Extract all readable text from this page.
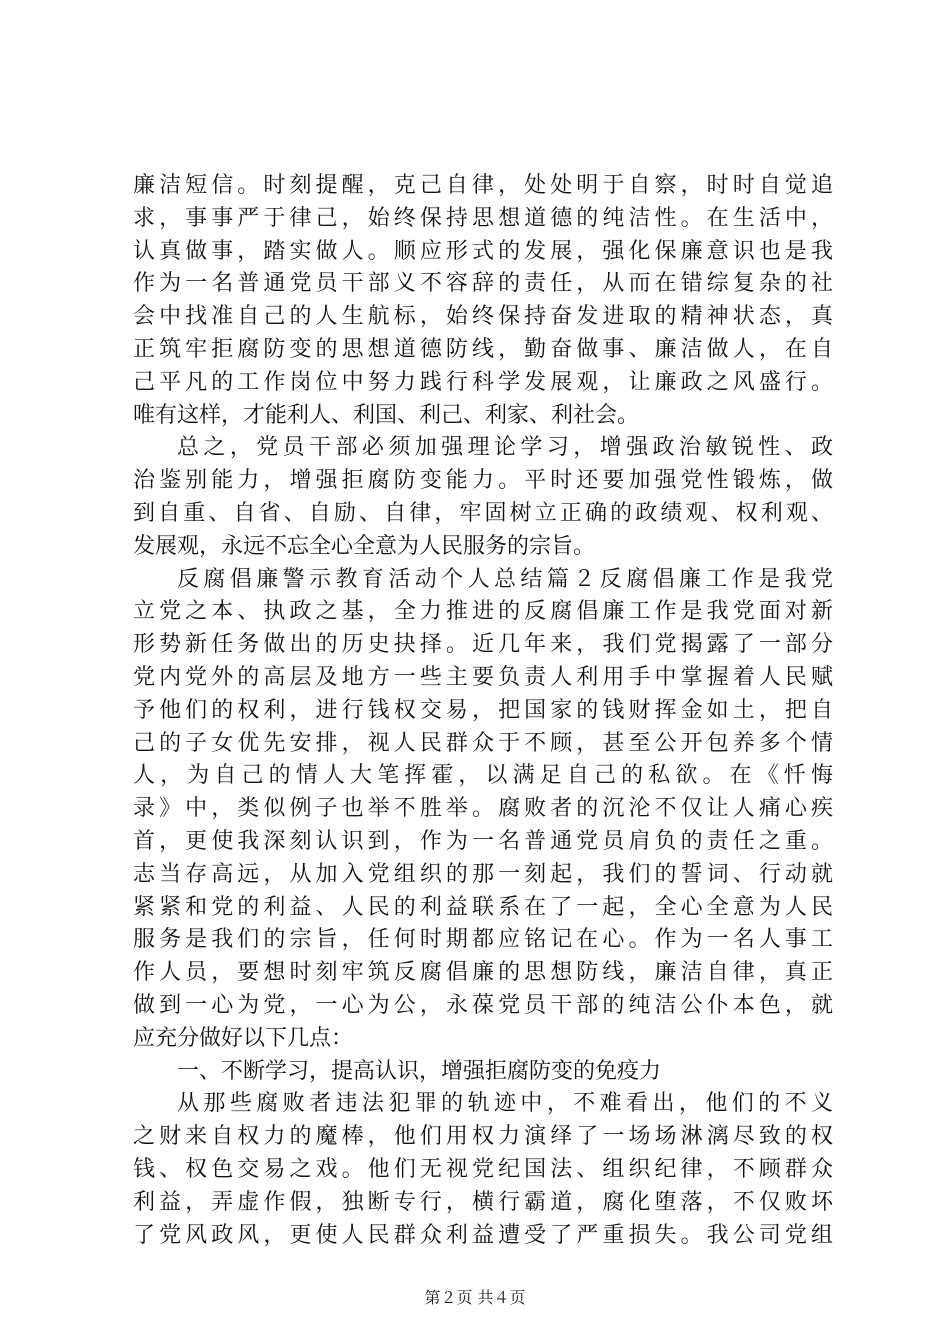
廉洁短信。时刻提醒，克己自律，处处明于自察，时时自觉追
求，事事严于律己，始终保持思想道德的纯洁性。在生活中，
认真做事，踏实做人。顺应形式的发展，强化保廉意识也是我
作为一名普通党员干部义不容辞的责任，从而在错综复杂的社
会中找准自己的人生航标，始终保持奋发进取的精神状态，真
正筑牢拒腐防变的思想道德防线，勤奋做事、廉洁做人，在自
己平凡的工作岗位中努力践行科学发展观，让廉政之风盛行。
唯有这样，才能利人、利国、利己、利家、利社会。
总之，党员干部必须加强理论学习，增强政治敏锐性、政
治鉴别能力，增强拒腐防变能力。平时还要加强党性锻炼，做
到自重、自省、自励、自律，牢固树立正确的政绩观、权利观、
发展观，永远不忘全心全意为人民服务的宗旨。
反腐倡廉警示教育活动个人总结篇２反腐倡廉工作是我党
立党之本、执政之基，全力推进的反腐倡廉工作是我党面对新
形势新任务做出的历史抉择。近几年来，我们党揭露了一部分
党内党外的高层及地方一些主要负责人利用手中掌握着人民赋
予他们的权利，进行钱权交易，把国家的钱财挥金如土，把自
己的子女优先安排，视人民群众于不顾，甚至公开包养多个情
人，为自己的情人大笔挥霍，以满足自己的私欲。在《忏悔
录》中，类似例子也举不胜举。腐败者的沉沦不仅让人痛心疾
首，更使我深刻认识到，作为一名普通党员肩负的责任之重。
志当存高远，从加入党组织的那一刻起，我们的誓词、行动就
紧紧和党的利益、人民的利益联系在了一起，全心全意为人民
服务是我们的宗旨，任何时期都应铭记在心。作为一名人事工
作人员，要想时刻牢筑反腐倡廉的思想防线，廉洁自律，真正
做到一心为党，一心为公，永葆党员干部的纯洁公仆本色，就
应充分做好以下几点：
一、不断学习，提高认识，增强拒腐防变的免疫力
从那些腐败者违法犯罪的轨迹中，不难看出，他们的不义
之财来自权力的魔棒，他们用权力演绎了一场场淋漓尽致的权
钱、权色交易之戏。他们无视党纪国法、组织纪律，不顾群众
利益，弄虚作假，独断专行，横行霸道，腐化堕落，不仅败坏
了党风政风，更使人民群众利益遭受了严重损失。我公司党组
第２页 共４页
